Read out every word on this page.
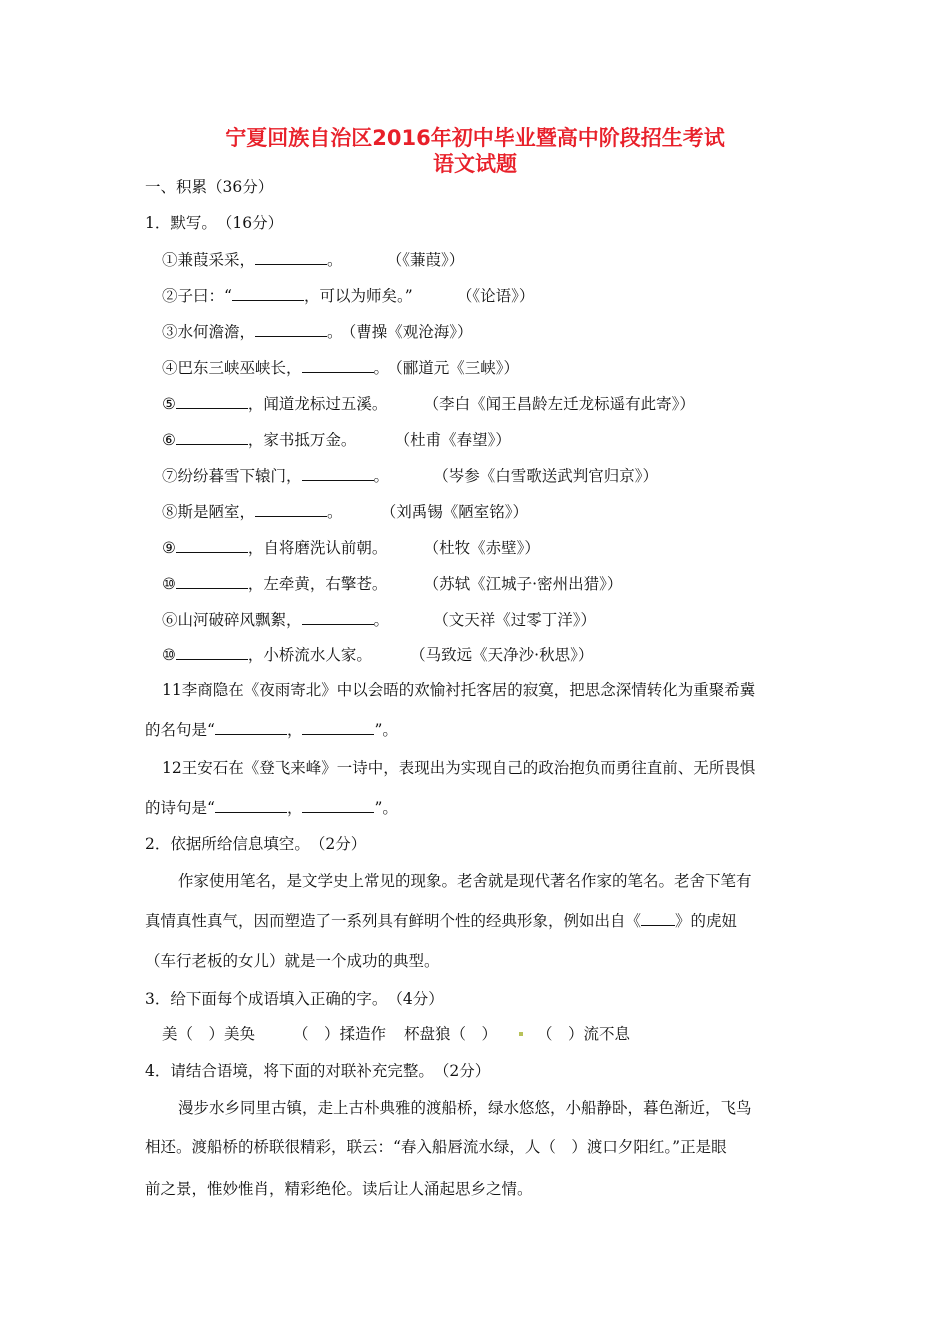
宁夏回族自治区2016年初中毕业暨高中阶段招生考试
语文试题
一、积累（36分）
1．默写。　（16分）
①兼葭采采，	。	（《蒹葭》）
②子曰：“	，可以为师矣。”	（《论语》）
③水何澹澹，	。 （曹操《观沧海》）
④巴东三峡巫峡长，	。 （郦道元《三峡》）
⑤	，闻道龙标过五溪。	（李白《闻王昌龄左迁龙标遥有此寄》）
⑥	，家书抵万金。	（杜甫《春望》）
⑦纷纷暮雪下辕门，	。	（岑参《白雪歌送武判官归京》）
⑧斯是陋室，	。	（刘禹锡《陋室铭》）
⑨	，自将磨洗认前朝。	（杜牧《赤壁》）
⑩	，左牵黄，右擎苍。	（苏轼《江城子·密州出猎》）
⑥山河破碎风飘絮，	。	（文天祥《过零丁洋》）
⑩	，小桥流水人家。	（马致远《天净沙·秋思》）
11李商隐在《夜雨寄北》中以会晤的欢愉衬托客居的寂寞，把思念深情转化为重聚希冀
的名句是“	，	”。
12王安石在《登飞来峰》一诗中，表现出为实现自己的政治抱负而勇往直前、无所畏惧
的诗句是“	，	”。
2．依据所给信息填空。　（2分）
作家使用笔名，是文学史上常见的现象。老舍就是现代著名作家的笔名。老舍下笔有
真情真性真气，因而塑造了一系列具有鲜明个性的经典形象，例如出自《 》的虎妞
（车行老板的女儿）就是一个成功的典型。
3．给下面每个成语填入正确的字。　（4分）
美（　）美奂 （　）揉造作 杯盘狼（　）	（　）流不息
4．请结合语境，将下面的对联补充完整。　（2分）
漫步水乡同里古镇，走上古朴典雅的渡船桥，绿水悠悠，小船静卧，暮色渐近，飞鸟
相还。渡船桥的桥联很精彩，联云：“春入船唇流水绿，人（　）渡口夕阳红。”正是眼
前之景，惟妙惟肖，精彩绝伦。读后让人涌起思乡之情。
